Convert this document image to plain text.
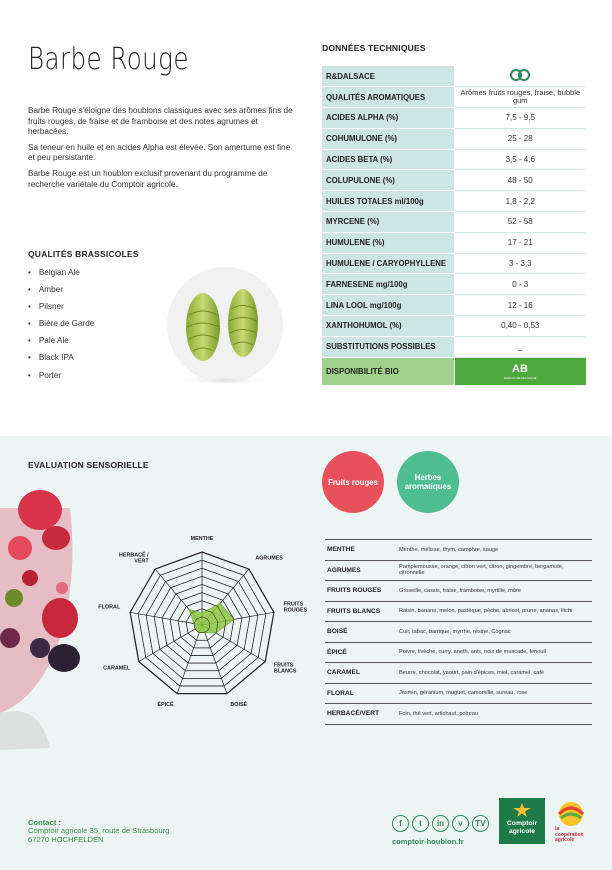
Barbe Rouge

Barbe Rouge s'éloigne des houblons classiques avec ses arômes fins de fruits rouges, de fraise et de framboise et des notes agrumes et herbacées.

Sa teneur en huile et en acides Alpha est élevée. Son amertume est fine et peu persistante.

Barbe Rouge est un houblon exclusif provenant du programme de recherche variétale du Comptoir agricole.

QUALITÉS BRASSICOLES
• Belgian Ale
• Amber
• Pilsner
• Bière de Garde
• Pale Ale
• Black IPA
• Porter
DONNÉES TECHNIQUES
R&DALSACE	
QUALITÉS AROMATIQUES	Arômes fruits rouges, fraise, bubble gum
ACIDES ALPHA (%)	7,5 - 9,5
COHUMULONE (%)	25 - 28
ACIDES BETA (%)	3,5 - 4,6
COLUPULONE (%)	48 - 50
HUILES TOTALES ml/100g	1,8 - 2,2
MYRCENE (%)	52 - 58
HUMULENE (%)	17 - 21
HUMULENE / CARYOPHYLLENE	3 - 3,3
FARNESENE mg/100g	0 - 3
LINA LOOL mg/100g	12 - 16
XANTHOHUMOL (%)	0,40 - 0,53
SUBSTITUTIONS POSSIBLES	_
DISPONIBILITÉ BIO	AB
AGRICULTURE BIOLOGIQUE
EVALUATION SENSORIELLE
Fruits rouges	Herbes aromatiques
MENTHE
AGRUMES
FRUITS ROUGES
FRUITS BLANCS
BOISÉ
ÉPICÉ
CARAMEL
FLORAL
HERBACÉ / VERT
MENTHE	Menthe, mélisse, thym, camphre, sauge
AGRUMES	Pamplemousse, orange, citron vert, citron, gingembre, bergamote, citronnelle
FRUITS ROUGES	Groseille, cassis, fraise, framboise, myrtille, mûre
FRUITS BLANCS	Raisin, banane, melon, pastèque, pêche, abricot, prune, ananas, litchi
BOISÉ	Cuir, tabac, barrique, myrrhe, résine, Cognac
ÉPICÉ	Poivre, livèche, curry, aneth, anis, noix de muscade, fenouil
CARAMEL	Beurre, chocolat, yaourt, pain d'épices, miel, caramel, café
FLORAL	Jasmin, géranium, muguet, camomille, sureau, rose
HERBACÉ/VERT	Foin, thé vert, artichaut, poireau
Contact :
Comptoir agricole 35, route de Strasbourg
67270 HOCHFELDEN
f	t	in	v	TV
comptoir-houblon.fr
Comptoir agricole	la coopération
agricole
